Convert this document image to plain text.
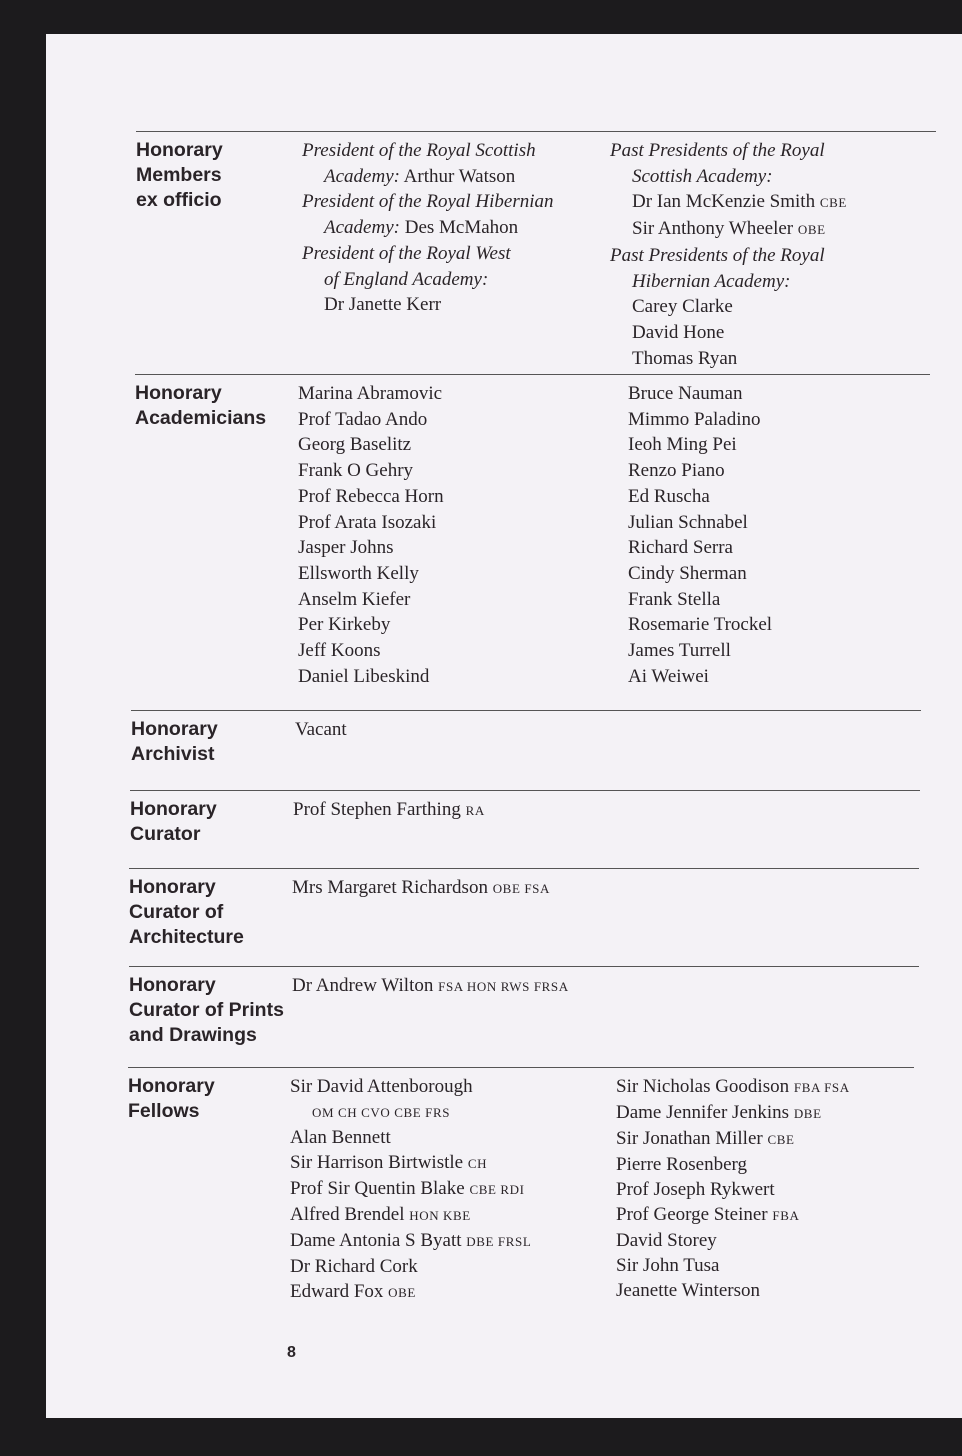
Honorary
Members
ex officio
President of the Royal Scottish
Academy: Arthur Watson
President of the Royal Hibernian
Academy: Des McMahon
President of the Royal West
of England Academy:
Dr Janette Kerr
Past Presidents of the Royal
Scottish Academy:
Dr Ian McKenzie Smith CBE
Sir Anthony Wheeler OBE
Past Presidents of the Royal
Hibernian Academy:
Carey Clarke
David Hone
Thomas Ryan
Honorary
Academicians
Marina Abramovic
Prof Tadao Ando
Georg Baselitz
Frank O Gehry
Prof Rebecca Horn
Prof Arata Isozaki
Jasper Johns
Ellsworth Kelly
Anselm Kiefer
Per Kirkeby
Jeff Koons
Daniel Libeskind
Bruce Nauman
Mimmo Paladino
Ieoh Ming Pei
Renzo Piano
Ed Ruscha
Julian Schnabel
Richard Serra
Cindy Sherman
Frank Stella
Rosemarie Trockel
James Turrell
Ai Weiwei
Honorary
Archivist
Vacant
Honorary
Curator
Prof Stephen Farthing RA
Honorary
Curator of
Architecture
Mrs Margaret Richardson OBE FSA
Honorary
Curator of Prints
and Drawings
Dr Andrew Wilton FSA HON RWS FRSA
Honorary
Fellows
Sir David Attenborough
OM CH CVO CBE FRS
Alan Bennett
Sir Harrison Birtwistle CH
Prof Sir Quentin Blake CBE RDI
Alfred Brendel HON KBE
Dame Antonia S Byatt DBE FRSL
Dr Richard Cork
Edward Fox OBE
Sir Nicholas Goodison FBA FSA
Dame Jennifer Jenkins DBE
Sir Jonathan Miller CBE
Pierre Rosenberg
Prof Joseph Rykwert
Prof George Steiner FBA
David Storey
Sir John Tusa
Jeanette Winterson
8
